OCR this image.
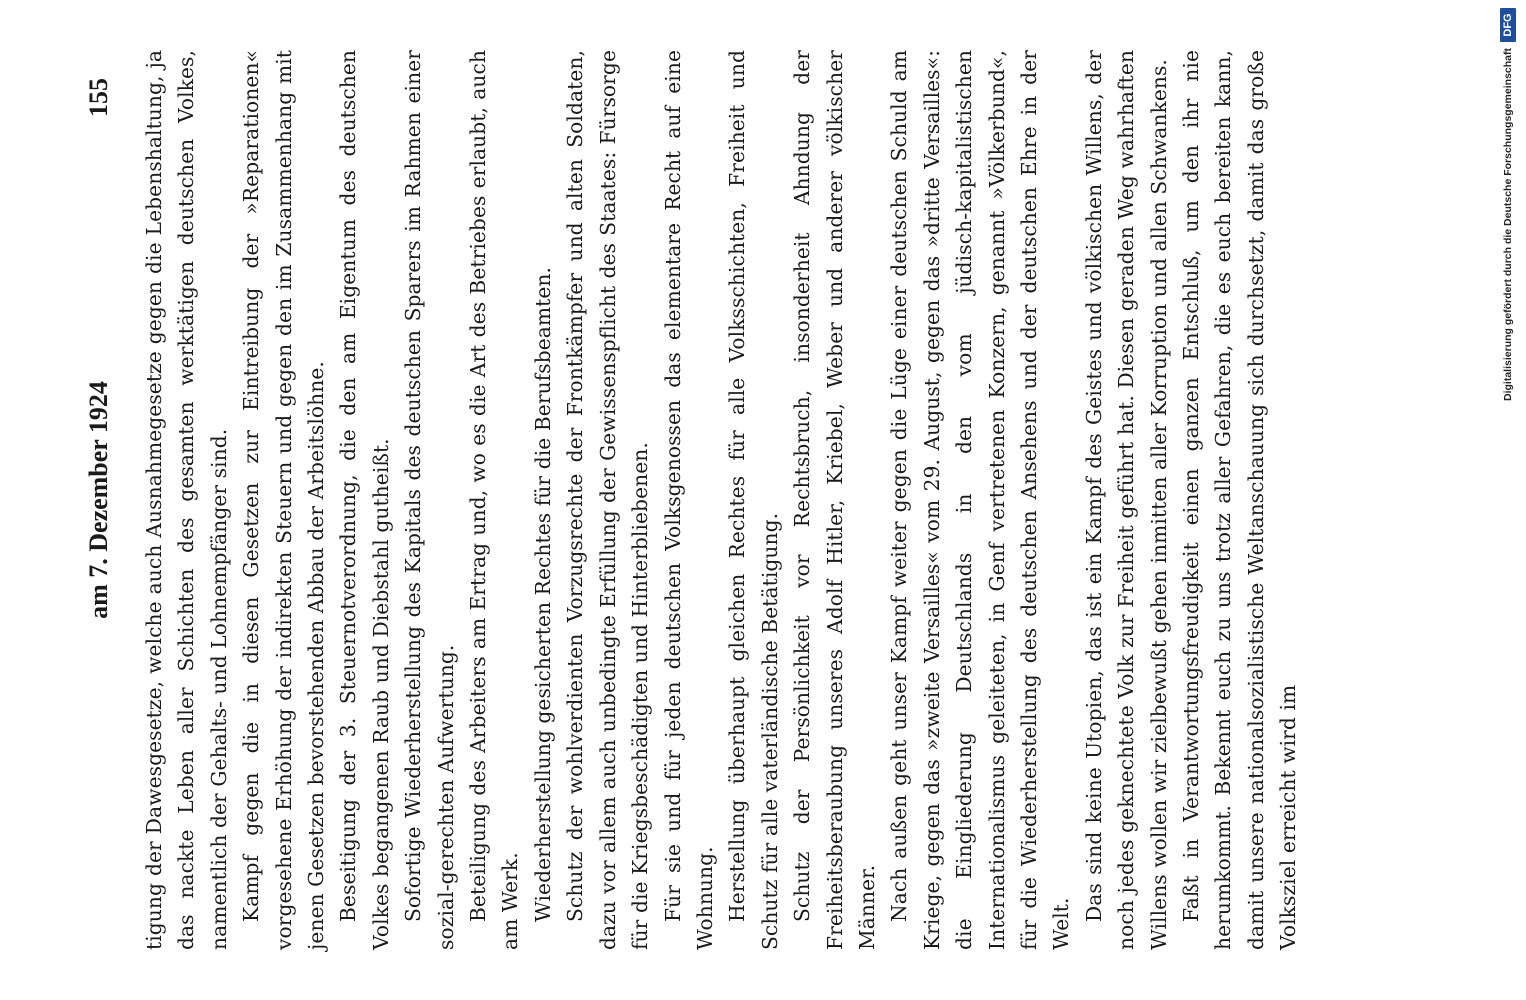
am 7. Dezember 1924
155 tigung der Dawesgesetze, welche auch Ausnahmegesetze gegen die Lebenshaltung, ja das nackte Leben aller Schichten des gesamten werktätigen deutschen Volkes, namentlich der Gehalts- und Lohnempfänger sind. Kampf gegen die in diesen Gesetzen zur Eintreibung der »Reparationen« vorgesehene Erhöhung der indirekten Steuern und gegen den im Zusammenhang mit jenen Gesetzen bevorstehenden Abbau der Arbeitslöhne. Beseitigung der 3. Steuernotverordnung, die den am Eigentum des deutschen Volkes begangenen Raub und Diebstahl gutheißt. Sofortige Wiederherstellung des Kapitals des deutschen Sparers im Rahmen einer sozial-gerechten Aufwertung. Beteiligung des Arbeiters am Ertrag und, wo es die Art des Betriebes erlaubt, auch am Werk. Wiederherstellung gesicherten Rechtes für die Berufsbeamten. Schutz der wohlverdienten Vorzugsrechte der Frontkämpfer und alten Soldaten, dazu vor allem auch unbedingte Erfüllung der Gewissenspflicht des Staates: Fürsorge für die Kriegsbeschädigten und Hinterbliebenen. Für sie und für jeden deutschen Volksgenossen das elementare Recht auf eine Wohnung. Herstellung überhaupt gleichen Rechtes für alle Volksschichten, Freiheit und Schutz für alle vaterländische Betätigung. Schutz der Persönlichkeit vor Rechtsbruch, insonderheit Ahndung der Freiheitsberaubung unseres Adolf Hitler, Kriebel, Weber und anderer völkischer Männer. Nach außen geht unser Kampf weiter gegen die Lüge einer deutschen Schuld am Kriege, gegen das »zweite Versailles« vom 29. August, gegen das »dritte Versailles«: die Eingliederung Deutschlands in den vom jüdisch-kapitalistischen Internationalismus geleiteten, in Genf vertretenen Konzern, genannt »Völkerbund«, für die Wiederherstellung des deutschen Ansehens und der deutschen Ehre in der Welt.

Das sind keine Utopien, das ist ein Kampf des Geistes und völkischen Willens, der noch jedes geknechtete Volk zur Freiheit geführt hat. Diesen geraden Weg wahrhaften Willens wollen wir zielbewußt gehen inmitten aller Korruption und allen Schwankens. Faßt in Verantwortungsfreudigkeit einen ganzen Entschluß, um den ihr nie herumkommt. Bekennt euch zu uns trotz aller Gefahren, die es euch bereiten kann, damit unsere nationalsozialistische Weltanschauung sich durchsetzt, damit das große Volksziel erreicht wird im

Digitalisierung gefördert durch die Deutsche Forschungsgemeinschaft
DFG
